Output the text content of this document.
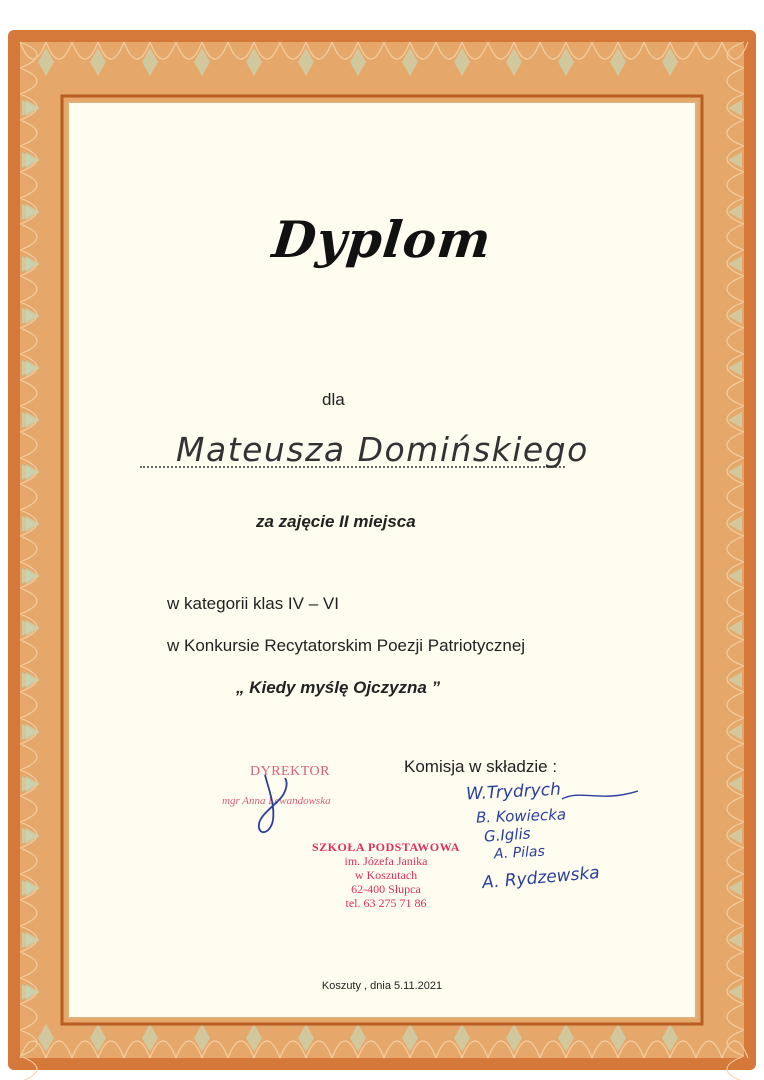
Dyplom
dla
Mateusza Domińskiego
za zajęcie II miejsca
w kategorii klas IV – VI
w Konkursie Recytatorskim Poezji Patriotycznej
„ Kiedy myślę Ojczyzna ”
DYREKTOR
mgr Anna Lewandowska
SZKOŁA PODSTAWOWA
im. Józefa Janika
w Koszutach
62-400 Słupca
tel. 63 275 71 86
Komisja w składzie :
W.Trydrych
B. Kowiecka
G.Iglis
A. Pilas
A. Rydzewska
Koszuty , dnia 5.11.2021
